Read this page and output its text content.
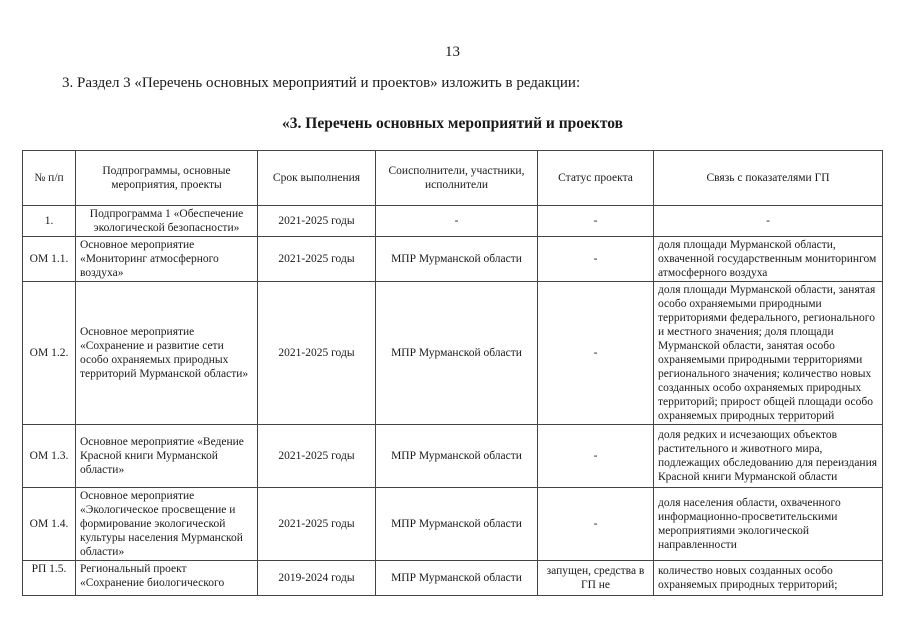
13
3. Раздел 3 «Перечень основных мероприятий и проектов» изложить в редакции:
«3. Перечень основных мероприятий и проектов
№ п/п	Подпрограммы, основные мероприятия, проекты	Срок выполнения	Соисполнители, участники, исполнители	Статус проекта	Связь с показателями ГП
1.	Подпрограмма 1 «Обеспечение экологической безопасности»	2021-2025 годы	-	-	-
ОМ 1.1.	Основное мероприятие «Мониторинг атмосферного воздуха»	2021-2025 годы	МПР Мурманской области	-	доля площади Мурманской области, охваченной государственным мониторингом атмосферного воздуха
ОМ 1.2.	Основное мероприятие «Сохранение и развитие сети особо охраняемых природных территорий Мурманской области»	2021-2025 годы	МПР Мурманской области	-	доля площади Мурманской области, занятая особо охраняемыми природными территориями федерального, регионального и местного значения; доля площади Мурманской области, занятая особо охраняемыми природными территориями регионального значения; количество новых созданных особо охраняемых природных территорий; прирост общей площади особо охраняемых природных территорий
ОМ 1.3.	Основное мероприятие «Ведение Красной книги Мурманской области»	2021-2025 годы	МПР Мурманской области	-	доля редких и исчезающих объектов растительного и животного мира, подлежащих обследованию для переиздания Красной книги Мурманской области
ОМ 1.4.	Основное мероприятие «Экологическое просвещение и формирование экологической культуры населения Мурманской области»	2021-2025 годы	МПР Мурманской области	-	доля населения области, охваченного информационно-просветительскими мероприятиями экологической направленности
РП 1.5.	Региональный проект «Сохранение биологического	2019-2024 годы	МПР Мурманской области	запущен, средства в ГП не	количество новых созданных особо охраняемых природных территорий;
